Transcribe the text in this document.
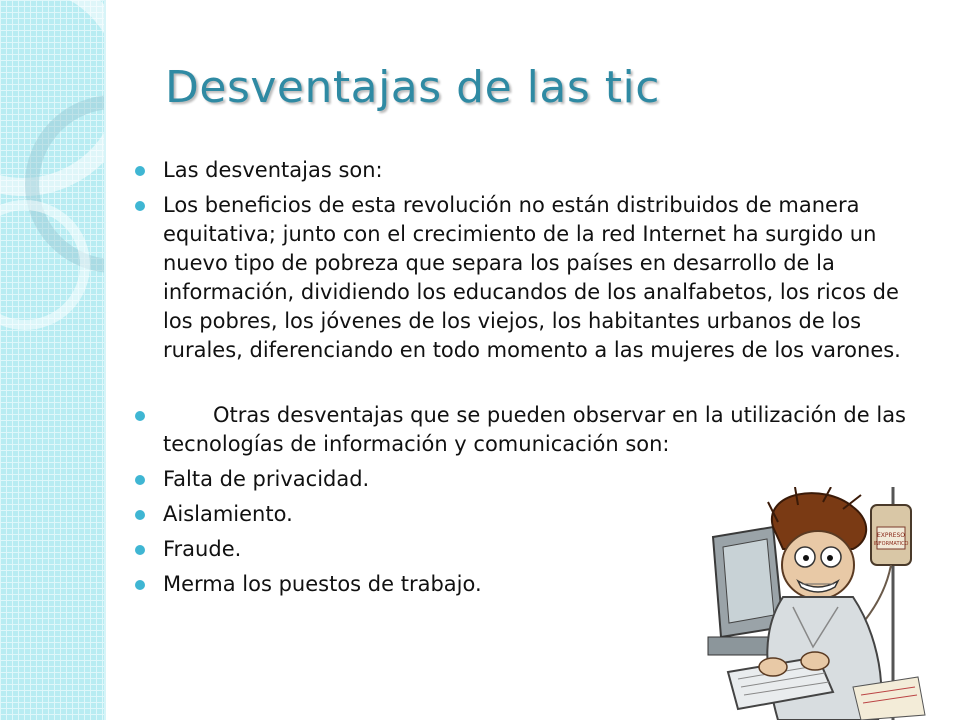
Desventajas de las tic
Las desventajas son:
Los beneficios de esta revolución no están distribuidos de manera equitativa; junto con el crecimiento de la red Internet ha surgido un nuevo tipo de pobreza que separa los países en desarrollo de la información, dividiendo los educandos de los analfabetos, los ricos de los pobres, los jóvenes de los viejos, los habitantes urbanos de los rurales, diferenciando en todo momento a las mujeres de los varones.
Otras desventajas que se pueden observar en la utilización de las tecnologías de información y comunicación son:
Falta de privacidad.
Aislamiento.
Fraude.
Merma los puestos de trabajo.
EXPRESO
INFORMATICO
